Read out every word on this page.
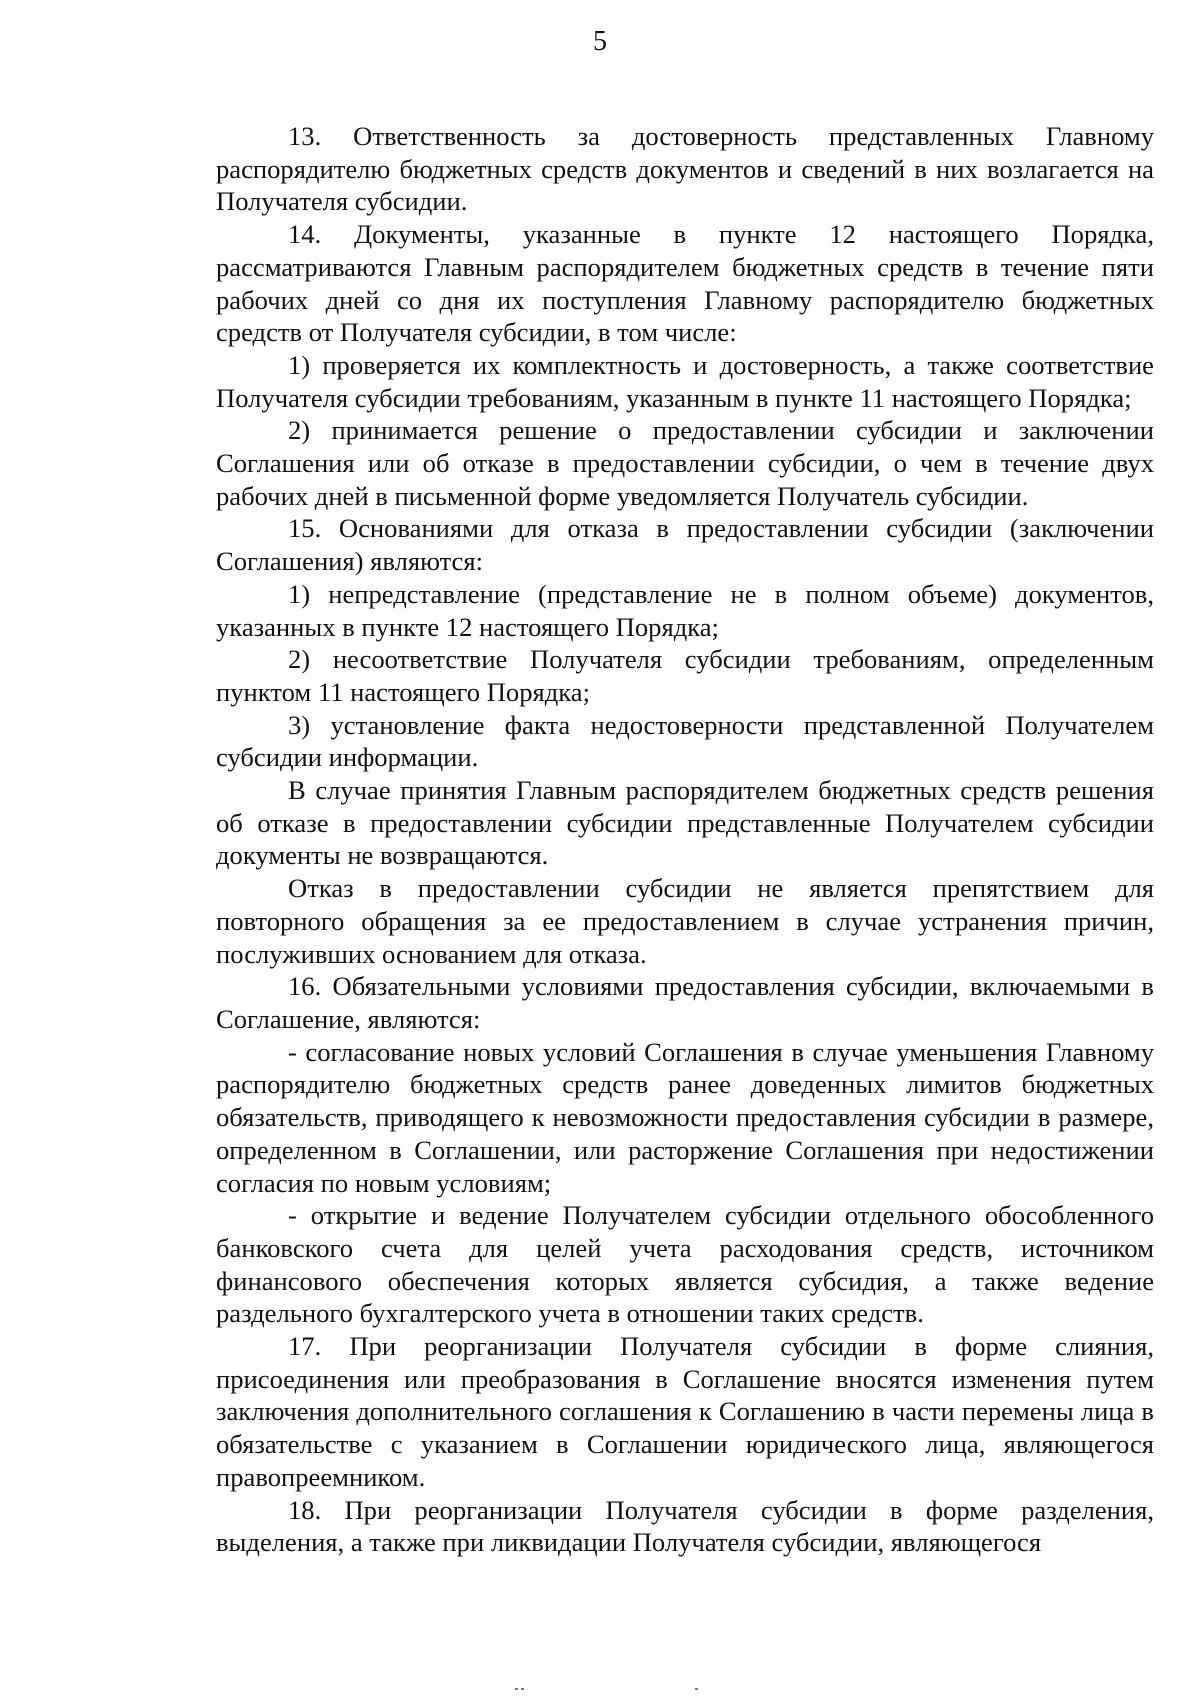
5

13. Ответственность за достоверность представленных Главному распорядителю бюджетных средств документов и сведений в них возлагается на Получателя субсидии.

14. Документы, указанные в пункте 12 настоящего Порядка, рассматриваются Главным распорядителем бюджетных средств в течение пяти рабочих дней со дня их поступления Главному распорядителю бюджетных средств от Получателя субсидии, в том числе:

1) проверяется их комплектность и достоверность, а также соответствие Получателя субсидии требованиям, указанным в пункте 11 настоящего Порядка;

2) принимается решение о предоставлении субсидии и заключении Соглашения или об отказе в предоставлении субсидии, о чем в течение двух рабочих дней в письменной форме уведомляется Получатель субсидии.

15. Основаниями для отказа в предоставлении субсидии (заключении Соглашения) являются:

1) непредставление (представление не в полном объеме) документов, указанных в пункте 12 настоящего Порядка;

2) несоответствие Получателя субсидии требованиям, определенным пунктом 11 настоящего Порядка;

3) установление факта недостоверности представленной Получателем субсидии информации.

В случае принятия Главным распорядителем бюджетных средств решения об отказе в предоставлении субсидии представленные Получателем субсидии документы не возвращаются.

Отказ в предоставлении субсидии не является препятствием для повторного обращения за ее предоставлением в случае устранения причин, послуживших основанием для отказа.

16. Обязательными условиями предоставления субсидии, включаемыми в Соглашение, являются:

- согласование новых условий Соглашения в случае уменьшения Главному распорядителю бюджетных средств ранее доведенных лимитов бюджетных обязательств, приводящего к невозможности предоставления субсидии в размере, определенном в Соглашении, или расторжение Соглашения при недостижении согласия по новым условиям;

- открытие и ведение Получателем субсидии отдельного обособленного банковского счета для целей учета расходования средств, источником финансового обеспечения которых является субсидия, а также ведение раздельного бухгалтерского учета в отношении таких средств.

17. При реорганизации Получателя субсидии в форме слияния, присоединения или преобразования в Соглашение вносятся изменения путем заключения дополнительного соглашения к Соглашению в части перемены лица в обязательстве с указанием в Соглашении юридического лица, являющегося правопреемником.

18. При реорганизации Получателя субсидии в форме разделения, выделения, а также при ликвидации Получателя субсидии, являющегося
